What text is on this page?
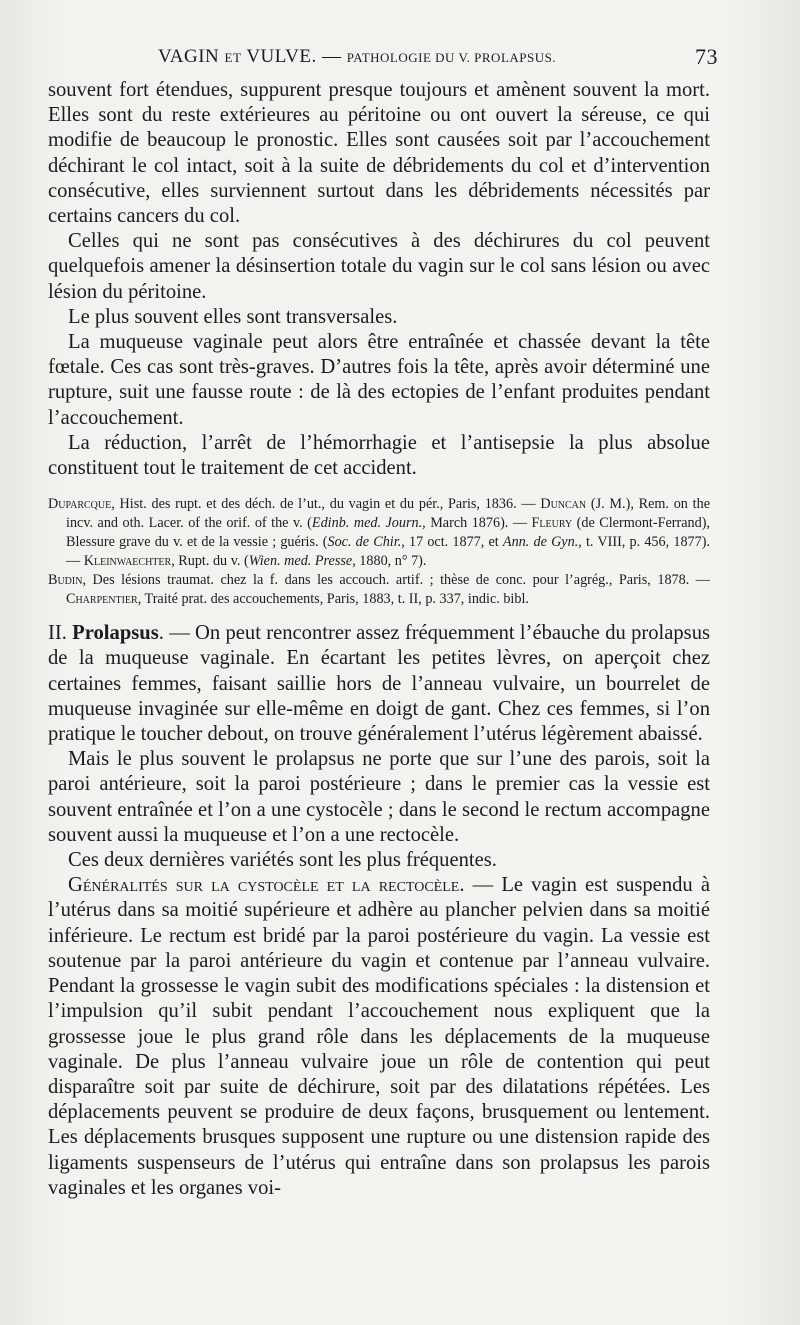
VAGIN ET VULVE. — PATHOLOGIE DU V. PROLAPSUS.	73

souvent fort étendues, suppurent presque toujours et amènent souvent la mort. Elles sont du reste extérieures au péritoine ou ont ouvert la séreuse, ce qui modifie de beaucoup le pronostic. Elles sont causées soit par l’accouchement déchirant le col intact, soit à la suite de débridements du col et d’intervention consécutive, elles surviennent surtout dans les débridements nécessités par certains cancers du col.

Celles qui ne sont pas consécutives à des déchirures du col peuvent quelquefois amener la désinsertion totale du vagin sur le col sans lésion ou avec lésion du péritoine.

Le plus souvent elles sont transversales.

La muqueuse vaginale peut alors être entraînée et chassée devant la tête fœtale. Ces cas sont très-graves. D’autres fois la tête, après avoir déterminé une rupture, suit une fausse route : de là des ectopies de l’enfant produites pendant l’accouchement.

La réduction, l’arrêt de l’hémorrhagie et l’antisepsie la plus absolue constituent tout le traitement de cet accident.

Duparcque, Hist. des rupt. et des déch. de l’ut., du vagin et du pér., Paris, 1836. — Duncan (J. M.), Rem. on the incv. and oth. Lacer. of the orif. of the v. (Edinb. med. Journ., March 1876). — Fleury (de Clermont-Ferrand), Blessure grave du v. et de la vessie ; guéris. (Soc. de Chir., 17 oct. 1877, et Ann. de Gyn., t. VIII, p. 456, 1877). — Kleinwaechter, Rupt. du v. (Wien. med. Presse, 1880, n° 7).

Budin, Des lésions traumat. chez la f. dans les accouch. artif. ; thèse de conc. pour l’agrég., Paris, 1878. — Charpentier, Traité prat. des accouchements, Paris, 1883, t. II, p. 337, indic. bibl.

II. Prolapsus. — On peut rencontrer assez fréquemment l’ébauche du prolapsus de la muqueuse vaginale. En écartant les petites lèvres, on aperçoit chez certaines femmes, faisant saillie hors de l’anneau vulvaire, un bourrelet de muqueuse invaginée sur elle-même en doigt de gant. Chez ces femmes, si l’on pratique le toucher debout, on trouve généralement l’utérus légèrement abaissé.

Mais le plus souvent le prolapsus ne porte que sur l’une des parois, soit la paroi antérieure, soit la paroi postérieure ; dans le premier cas la vessie est souvent entraînée et l’on a une cystocèle ; dans le second le rectum accompagne souvent aussi la muqueuse et l’on a une rectocèle.

Ces deux dernières variétés sont les plus fréquentes.

Généralités sur la cystocèle et la rectocèle. — Le vagin est suspendu à l’utérus dans sa moitié supérieure et adhère au plancher pelvien dans sa moitié inférieure. Le rectum est bridé par la paroi postérieure du vagin. La vessie est soutenue par la paroi antérieure du vagin et contenue par l’anneau vulvaire. Pendant la grossesse le vagin subit des modifications spéciales : la distension et l’impulsion qu’il subit pendant l’accouchement nous expliquent que la grossesse joue le plus grand rôle dans les déplacements de la muqueuse vaginale. De plus l’anneau vulvaire joue un rôle de contention qui peut disparaître soit par suite de déchirure, soit par des dilatations répétées. Les déplacements peuvent se produire de deux façons, brusquement ou lentement. Les déplacements brusques supposent une rupture ou une distension rapide des ligaments suspenseurs de l’utérus qui entraîne dans son prolapsus les parois vaginales et les organes voi-
